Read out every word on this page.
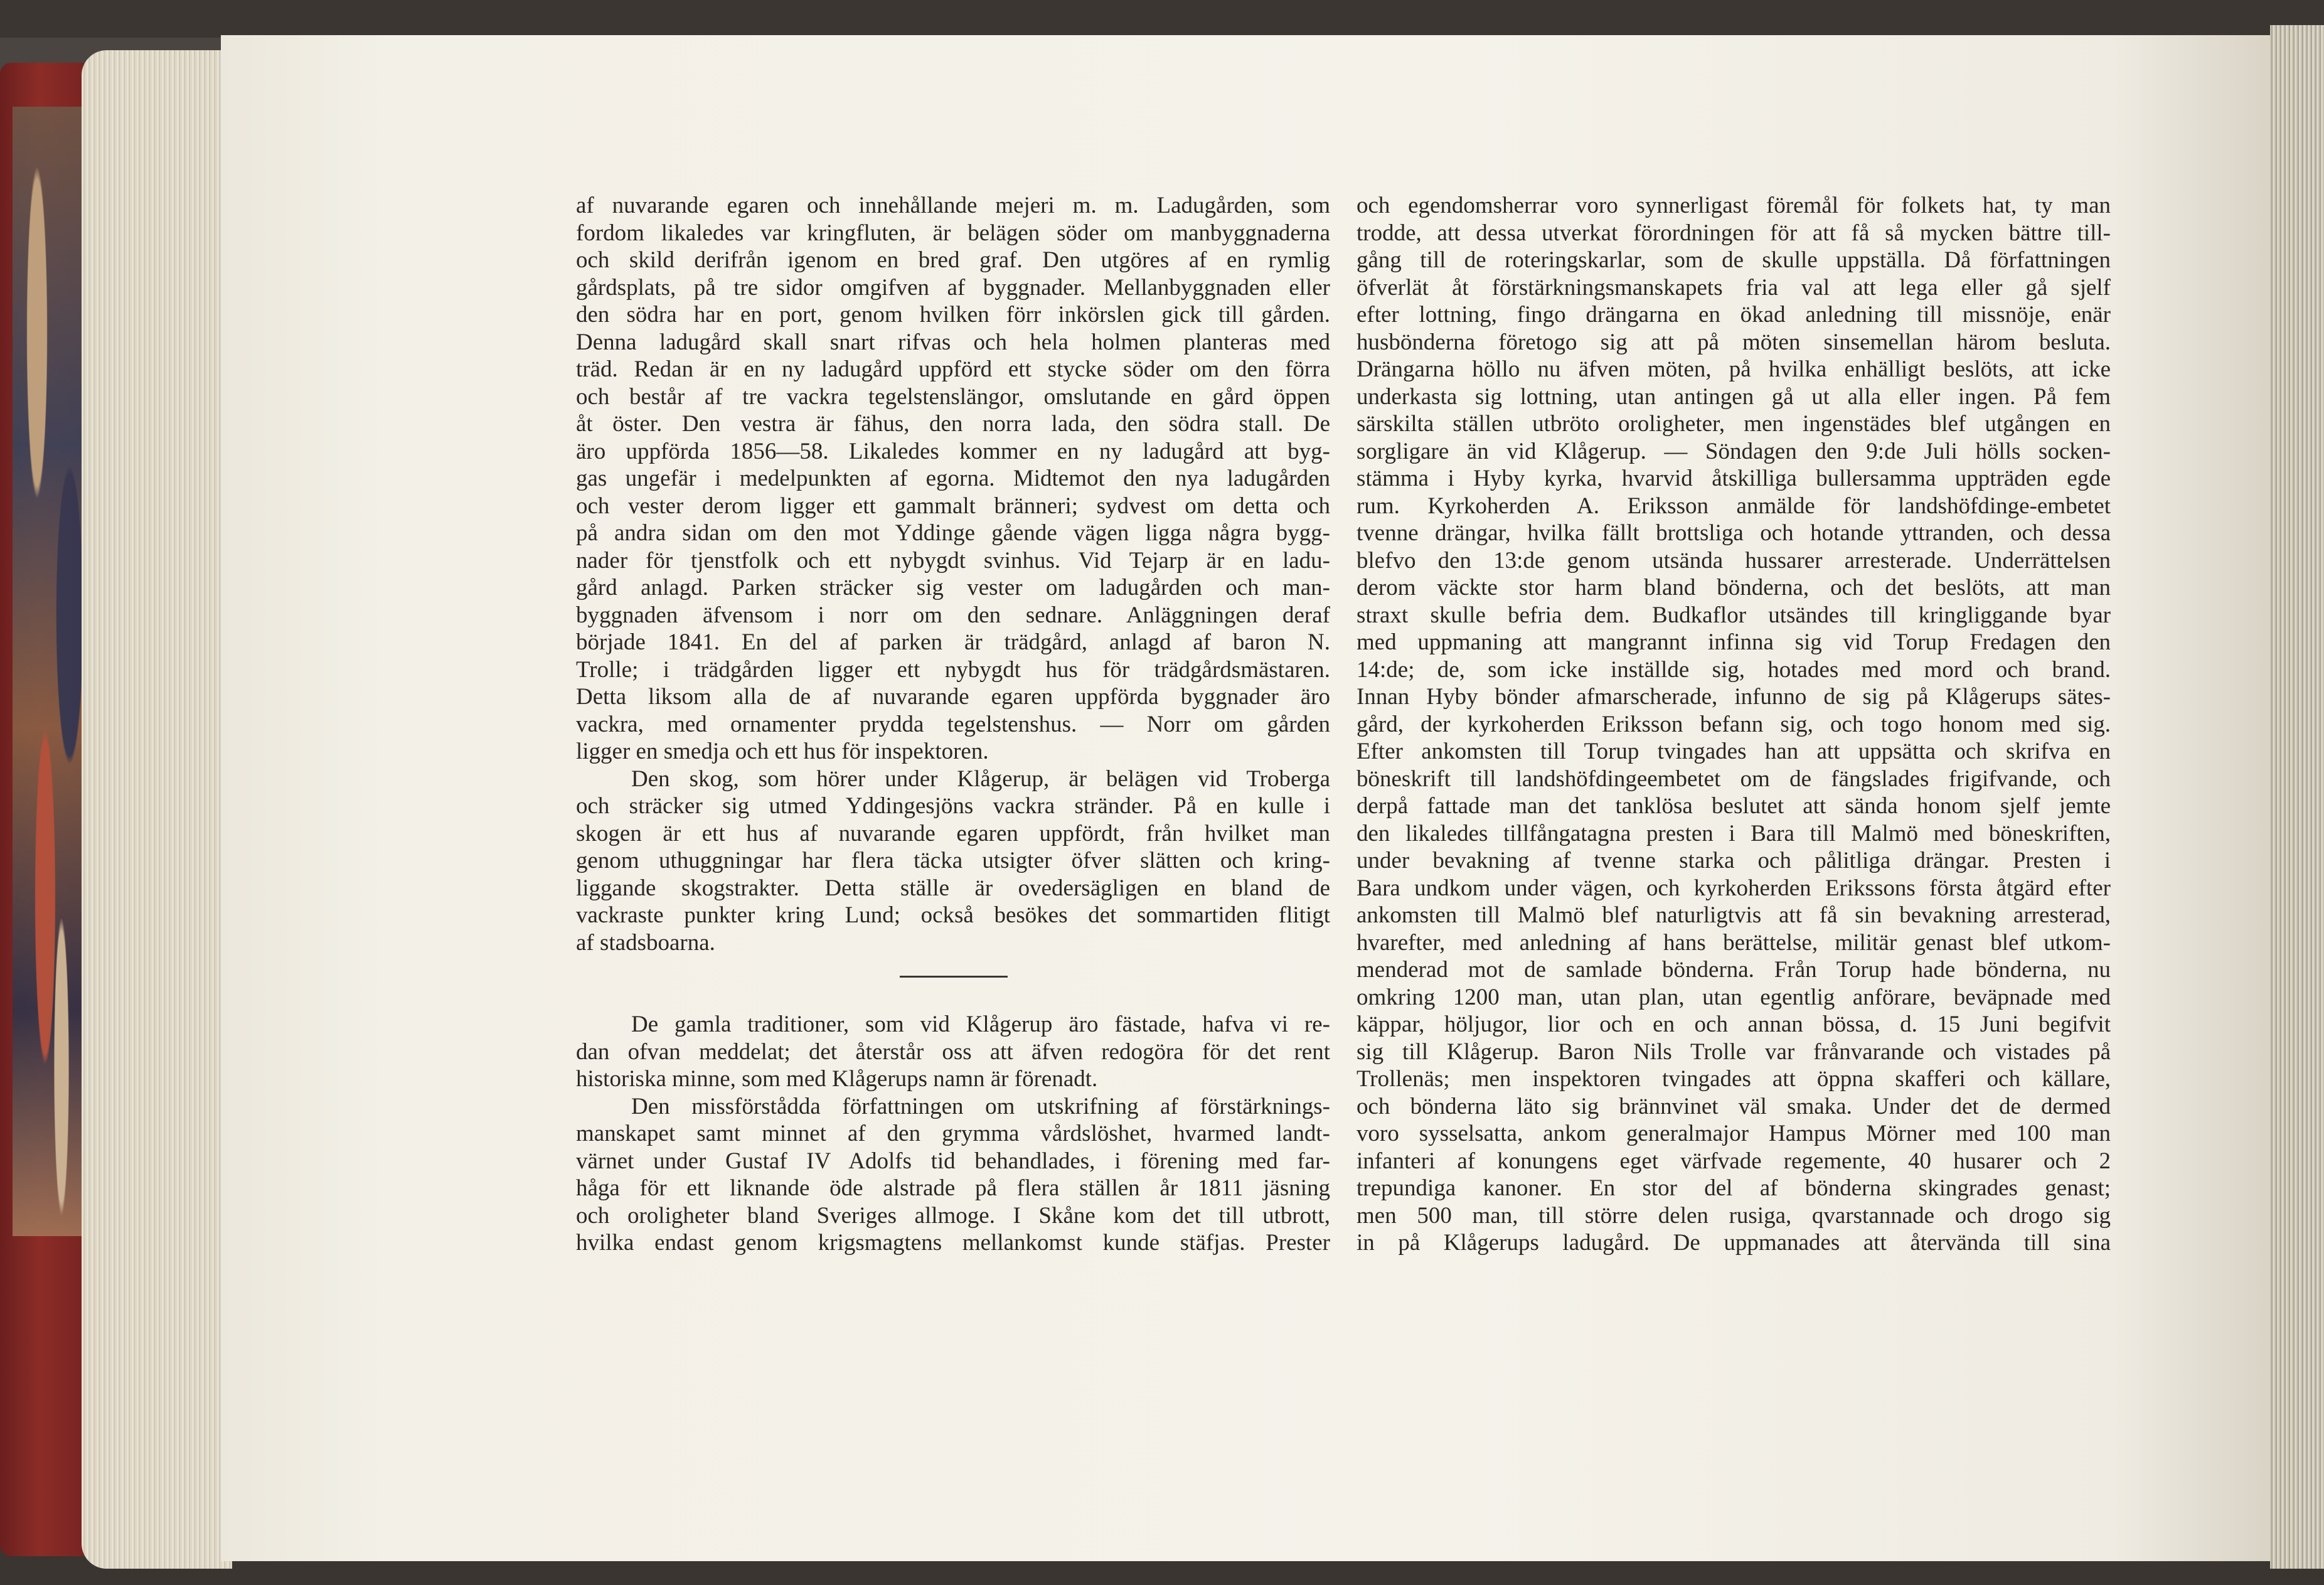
af nuvarande egaren och innehållande mejeri m. m. Ladugården, som
fordom likaledes var kringfluten, är belägen söder om manbyggnaderna
och skild derifrån igenom en bred graf. Den utgöres af en rymlig
gårdsplats, på tre sidor omgifven af byggnader. Mellanbyggnaden eller
den södra har en port, genom hvilken förr inkörslen gick till gården.
Denna ladugård skall snart rifvas och hela holmen planteras med
träd. Redan är en ny ladugård uppförd ett stycke söder om den förra
och består af tre vackra tegelstenslängor, omslutande en gård öppen
åt öster. Den vestra är fähus, den norra lada, den södra stall. De
äro uppförda 1856—58. Likaledes kommer en ny ladugård att byg-
gas ungefär i medelpunkten af egorna. Midtemot den nya ladugården
och vester derom ligger ett gammalt bränneri; sydvest om detta och
på andra sidan om den mot Yddinge gående vägen ligga några bygg-
nader för tjenstfolk och ett nybygdt svinhus. Vid Tejarp är en ladu-
gård anlagd. Parken sträcker sig vester om ladugården och man-
byggnaden äfvensom i norr om den sednare. Anläggningen deraf
började 1841. En del af parken är trädgård, anlagd af baron N.
Trolle; i trädgården ligger ett nybygdt hus för trädgårdsmästaren.
Detta liksom alla de af nuvarande egaren uppförda byggnader äro
vackra, med ornamenter prydda tegelstenshus. — Norr om gården
ligger en smedja och ett hus för inspektoren.
Den skog, som hörer under Klågerup, är belägen vid Troberga
och sträcker sig utmed Yddingesjöns vackra stränder. På en kulle i
skogen är ett hus af nuvarande egaren uppfördt, från hvilket man
genom uthuggningar har flera täcka utsigter öfver slätten och kring-
liggande skogstrakter. Detta ställe är ovedersägligen en bland de
vackraste punkter kring Lund; också besökes det sommartiden flitigt
af stadsboarna.

De gamla traditioner, som vid Klågerup äro fästade, hafva vi re-
dan ofvan meddelat; det återstår oss att äfven redogöra för det rent
historiska minne, som med Klågerups namn är förenadt.
Den missförstådda författningen om utskrifning af förstärknings-
manskapet samt minnet af den grymma vårdslöshet, hvarmed landt-
värnet under Gustaf IV Adolfs tid behandlades, i förening med far-
håga för ett liknande öde alstrade på flera ställen år 1811 jäsning
och oroligheter bland Sveriges allmoge. I Skåne kom det till utbrott,
hvilka endast genom krigsmagtens mellankomst kunde stäfjas. Prester
och egendomsherrar voro synnerligast föremål för folkets hat, ty man
trodde, att dessa utverkat förordningen för att få så mycken bättre till-
gång till de roteringskarlar, som de skulle uppställa. Då författningen
öfverlät åt förstärkningsmanskapets fria val att lega eller gå sjelf
efter lottning, fingo drängarna en ökad anledning till missnöje, enär
husbönderna företogo sig att på möten sinsemellan härom besluta.
Drängarna höllo nu äfven möten, på hvilka enhälligt beslöts, att icke
underkasta sig lottning, utan antingen gå ut alla eller ingen. På fem
särskilta ställen utbröto oroligheter, men ingenstädes blef utgången en
sorgligare än vid Klågerup. — Söndagen den 9:de Juli hölls socken-
stämma i Hyby kyrka, hvarvid åtskilliga bullersamma uppträden egde
rum. Kyrkoherden A. Eriksson anmälde för landshöfdinge-embetet
tvenne drängar, hvilka fällt brottsliga och hotande yttranden, och dessa
blefvo den 13:de genom utsända hussarer arresterade. Underrättelsen
derom väckte stor harm bland bönderna, och det beslöts, att man
straxt skulle befria dem. Budkaflor utsändes till kringliggande byar
med uppmaning att mangrannt infinna sig vid Torup Fredagen den
14:de; de, som icke inställde sig, hotades med mord och brand.
Innan Hyby bönder afmarscherade, infunno de sig på Klågerups sätes-
gård, der kyrkoherden Eriksson befann sig, och togo honom med sig.
Efter ankomsten till Torup tvingades han att uppsätta och skrifva en
böneskrift till landshöfdingeembetet om de fängslades frigifvande, och
derpå fattade man det tanklösa beslutet att sända honom sjelf jemte
den likaledes tillfångatagna presten i Bara till Malmö med böneskriften,
under bevakning af tvenne starka och pålitliga drängar. Presten i
Bara undkom under vägen, och kyrkoherden Erikssons första åtgärd efter
ankomsten till Malmö blef naturligtvis att få sin bevakning arresterad,
hvarefter, med anledning af hans berättelse, militär genast blef utkom-
menderad mot de samlade bönderna. Från Torup hade bönderna, nu
omkring 1200 man, utan plan, utan egentlig anförare, beväpnade med
käppar, höljugor, lior och en och annan bössa, d. 15 Juni begifvit
sig till Klågerup. Baron Nils Trolle var frånvarande och vistades på
Trollenäs; men inspektoren tvingades att öppna skafferi och källare,
och bönderna läto sig brännvinet väl smaka. Under det de dermed
voro sysselsatta, ankom generalmajor Hampus Mörner med 100 man
infanteri af konungens eget värfvade regemente, 40 husarer och 2
trepundiga kanoner. En stor del af bönderna skingrades genast;
men 500 man, till större delen rusiga, qvarstannade och drogo sig
in på Klågerups ladugård. De uppmanades att återvända till sina
